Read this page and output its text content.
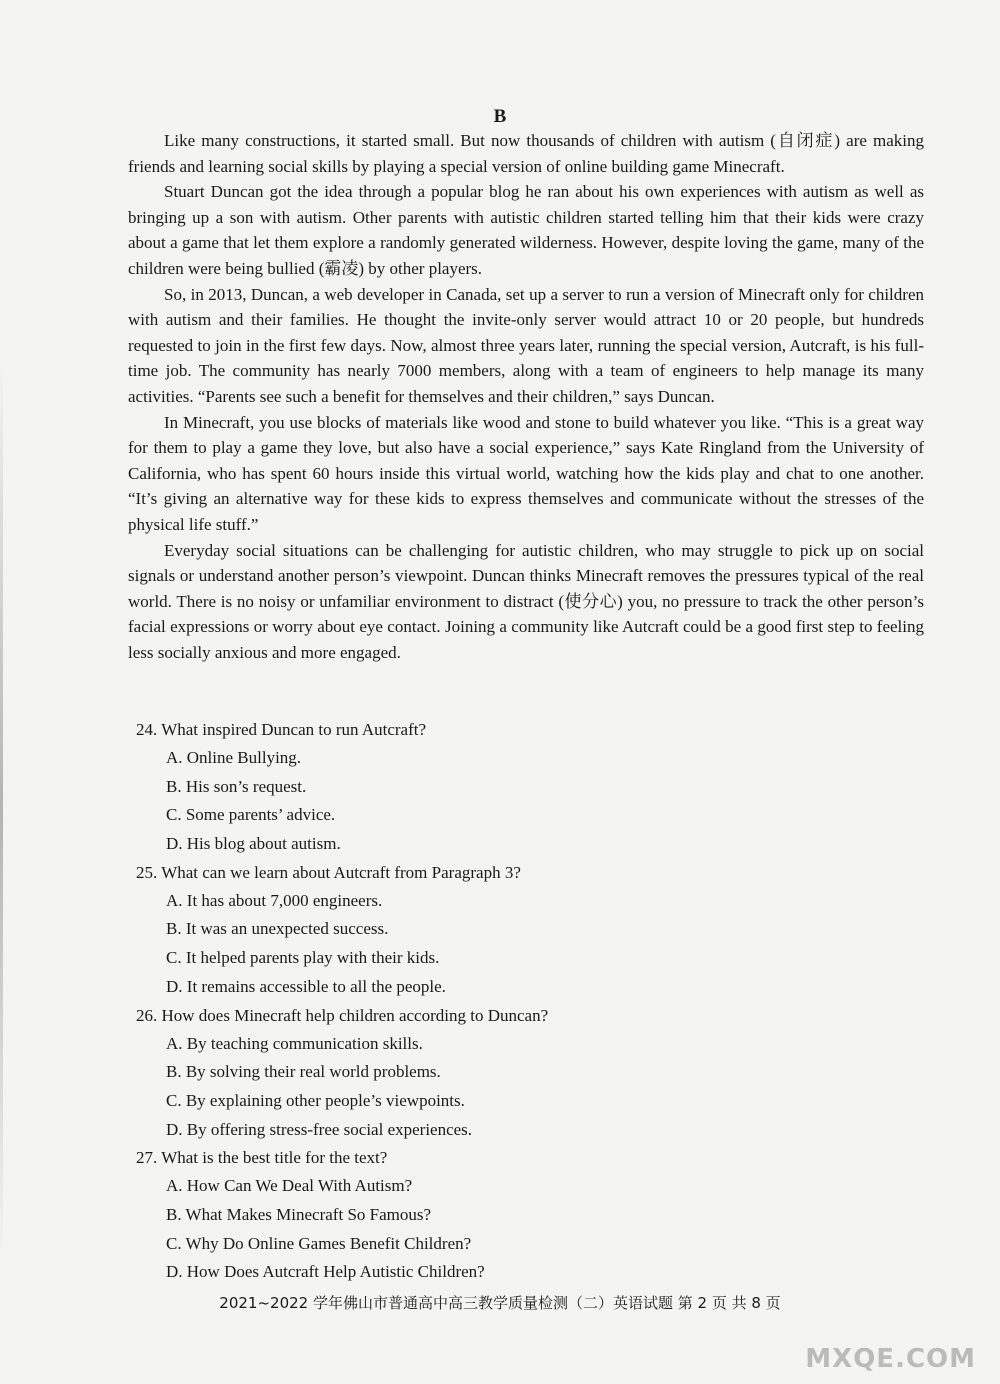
B

Like many constructions, it started small. But now thousands of children with autism (自闭症) are making friends and learning social skills by playing a special version of online building game Minecraft.

Stuart Duncan got the idea through a popular blog he ran about his own experiences with autism as well as bringing up a son with autism. Other parents with autistic children started telling him that their kids were crazy about a game that let them explore a randomly generated wilderness. However, despite loving the game, many of the children were being bullied (霸凌) by other players.

So, in 2013, Duncan, a web developer in Canada, set up a server to run a version of Minecraft only for children with autism and their families. He thought the invite-only server would attract 10 or 20 people, but hundreds requested to join in the first few days. Now, almost three years later, running the special version, Autcraft, is his full-time job. The community has nearly 7000 members, along with a team of engineers to help manage its many activities. “Parents see such a benefit for themselves and their children,” says Duncan.

In Minecraft, you use blocks of materials like wood and stone to build whatever you like. “This is a great way for them to play a game they love, but also have a social experience,” says Kate Ringland from the University of California, who has spent 60 hours inside this virtual world, watching how the kids play and chat to one another. “It’s giving an alternative way for these kids to express themselves and communicate without the stresses of the physical life stuff.”

Everyday social situations can be challenging for autistic children, who may struggle to pick up on social signals or understand another person’s viewpoint. Duncan thinks Minecraft removes the pressures typical of the real world. There is no noisy or unfamiliar environment to distract (使分心) you, no pressure to track the other person’s facial expressions or worry about eye contact. Joining a community like Autcraft could be a good first step to feeling less socially anxious and more engaged.

24. What inspired Duncan to run Autcraft?
A. Online Bullying.
B. His son’s request.
C. Some parents’ advice.
D. His blog about autism.
25. What can we learn about Autcraft from Paragraph 3?
A. It has about 7,000 engineers.
B. It was an unexpected success.
C. It helped parents play with their kids.
D. It remains accessible to all the people.
26. How does Minecraft help children according to Duncan?
A. By teaching communication skills.
B. By solving their real world problems.
C. By explaining other people’s viewpoints.
D. By offering stress-free social experiences.
27. What is the best title for the text?
A. How Can We Deal With Autism?
B. What Makes Minecraft So Famous?
C. Why Do Online Games Benefit Children?
D. How Does Autcraft Help Autistic Children?
2021~2022 学年佛山市普通高中高三教学质量检测（二）英语试题 第 2 页 共 8 页
MXQE.COM
